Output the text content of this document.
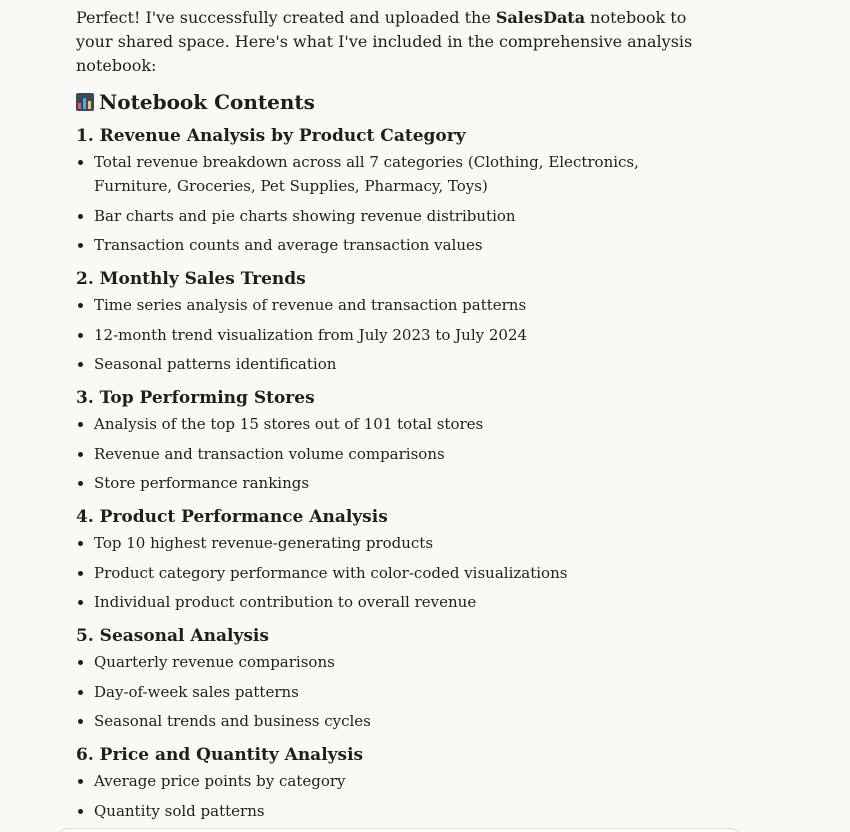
Perfect! I've successfully created and uploaded the SalesData notebook to your shared space. Here's what I've included in the comprehensive analysis notebook:

Notebook Contents
1. Revenue Analysis by Product Category
• Total revenue breakdown across all 7 categories (Clothing, Electronics, Furniture, Groceries, Pet Supplies, Pharmacy, Toys)
• Bar charts and pie charts showing revenue distribution
• Transaction counts and average transaction values
2. Monthly Sales Trends
• Time series analysis of revenue and transaction patterns
• 12-month trend visualization from July 2023 to July 2024
• Seasonal patterns identification
3. Top Performing Stores
• Analysis of the top 15 stores out of 101 total stores
• Revenue and transaction volume comparisons
• Store performance rankings
4. Product Performance Analysis
• Top 10 highest revenue-generating products
• Product category performance with color-coded visualizations
• Individual product contribution to overall revenue
5. Seasonal Analysis
• Quarterly revenue comparisons
• Day-of-week sales patterns
• Seasonal trends and business cycles
6. Price and Quantity Analysis
• Average price points by category
• Quantity sold patterns
